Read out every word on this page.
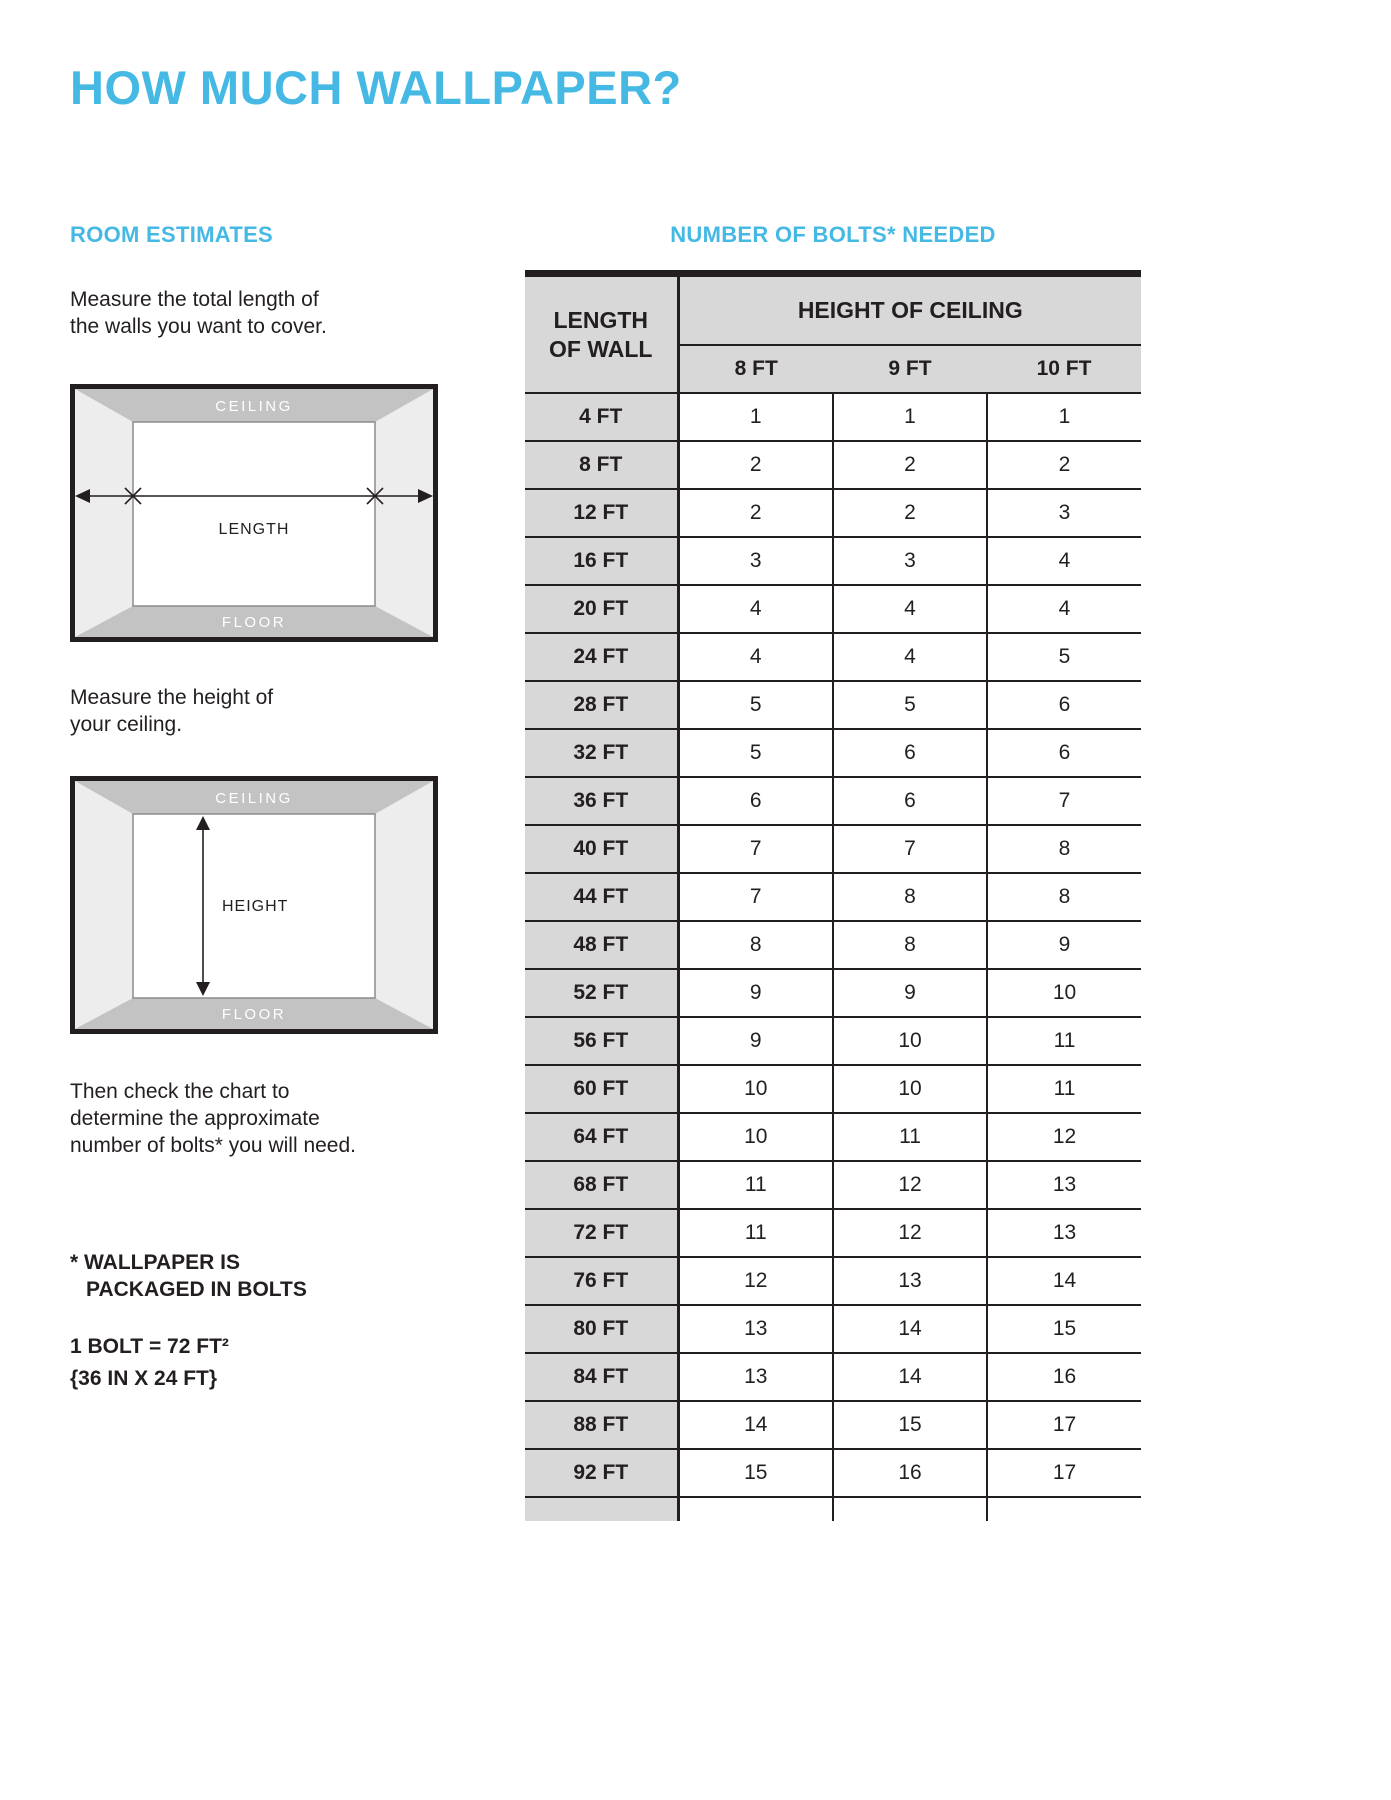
HOW MUCH WALLPAPER?
ROOM ESTIMATES
Measure the total length of
the walls you want to cover.
CEILING
FLOOR
LENGTH
Measure the height of
your ceiling.
CEILING
FLOOR
HEIGHT
Then check the chart to
determine the approximate
number of bolts* you will need.
* WALLPAPER IS
PACKAGED IN BOLTS
1 BOLT = 72 FT²
{36 IN X 24 FT}
NUMBER OF BOLTS* NEEDED
LENGTH
OF WALL	HEIGHT OF CEILING		
	8 FT	9 FT	10 FT
4 FT	1	1	1
8 FT	2	2	2
12 FT	2	2	3
16 FT	3	3	4
20 FT	4	4	4
24 FT	4	4	5
28 FT	5	5	6
32 FT	5	6	6
36 FT	6	6	7
40 FT	7	7	8
44 FT	7	8	8
48 FT	8	8	9
52 FT	9	9	10
56 FT	9	10	11
60 FT	10	10	11
64 FT	10	11	12
68 FT	11	12	13
72 FT	11	12	13
76 FT	12	13	14
80 FT	13	14	15
84 FT	13	14	16
88 FT	14	15	17
92 FT	15	16	17
